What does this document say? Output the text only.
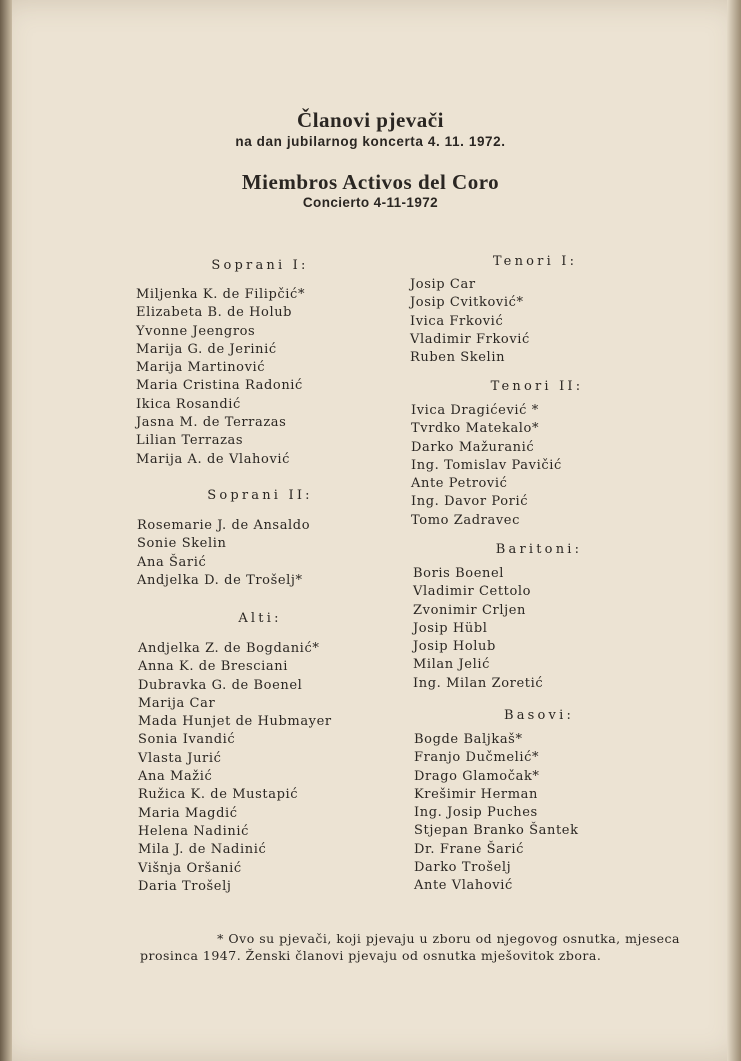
Članovi pjevači
na dan jubilarnog koncerta 4. 11. 1972.
Miembros Activos del Coro
Concierto 4-11-1972
Soprani I:
Miljenka K. de Filipčić*
Elizabeta B. de Holub
Yvonne Jeengros
Marija G. de Jerinić
Marija Martinović
Maria Cristina Radonić
Ikica Rosandić
Jasna M. de Terrazas
Lilian Terrazas
Marija A. de Vlahović
Soprani II:
Rosemarie J. de Ansaldo
Sonie Skelin
Ana Šarić
Andjelka D. de Trošelj*
Alti:
Andjelka Z. de Bogdanić*
Anna K. de Bresciani
Dubravka G. de Boenel
Marija Car
Mada Hunjet de Hubmayer
Sonia Ivandić
Vlasta Jurić
Ana Mažić
Ružica K. de Mustapić
Maria Magdić
Helena Nadinić
Mila J. de Nadinić
Višnja Oršanić
Daria Trošelj
Tenori I:
Josip Car
Josip Cvitković*
Ivica Frković
Vladimir Frković
Ruben Skelin
Tenori II:
Ivica Dragićević *
Tvrdko Matekalo*
Darko Mažuranić
Ing. Tomislav Pavičić
Ante Petrović
Ing. Davor Porić
Tomo Zadravec
Baritoni:
Boris Boenel
Vladimir Cettolo
Zvonimir Crljen
Josip Hübl
Josip Holub
Milan Jelić
Ing. Milan Zoretić
Basovi:
Bogde Baljkaš*
Franjo Dučmelić*
Drago Glamočak*
Krešimir Herman
Ing. Josip Puches
Stjepan Branko Šantek
Dr. Frane Šarić
Darko Trošelj
Ante Vlahović
* Ovo su pjevači, koji pjevaju u zboru od njegovog osnutka, mjeseca
prosinca 1947. Ženski članovi pjevaju od osnutka mješovitok zbora.
